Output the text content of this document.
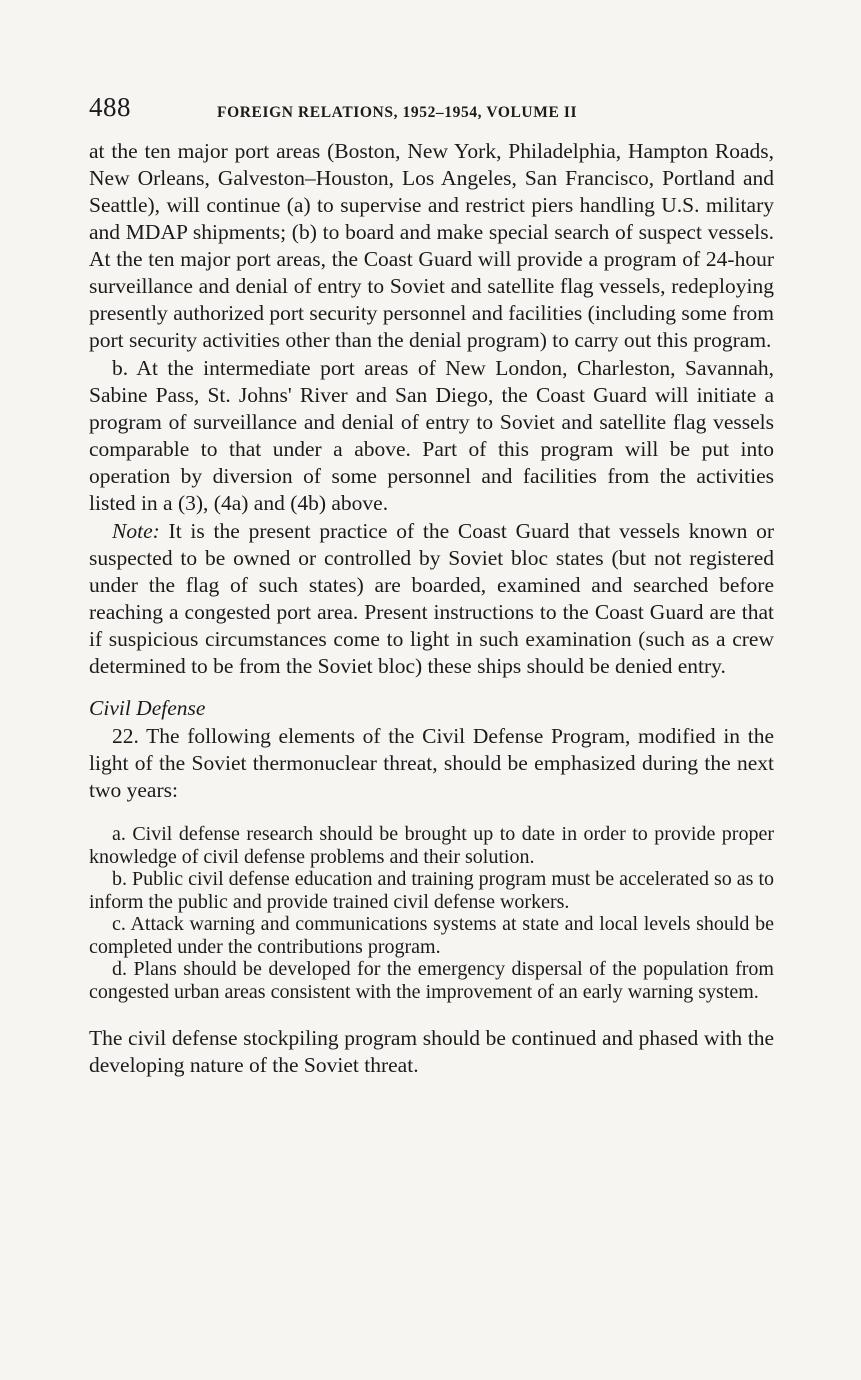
488	FOREIGN RELATIONS, 1952–1954, VOLUME II

at the ten major port areas (Boston, New York, Philadelphia, Hampton Roads, New Orleans, Galveston–Houston, Los Angeles, San Francisco, Portland and Seattle), will continue (a) to supervise and restrict piers handling U.S. military and MDAP shipments; (b) to board and make special search of suspect vessels. At the ten major port areas, the Coast Guard will provide a program of 24-hour surveillance and denial of entry to Soviet and satellite flag vessels, redeploying presently authorized port security personnel and facilities (including some from port security activities other than the denial program) to carry out this program.

b. At the intermediate port areas of New London, Charleston, Savannah, Sabine Pass, St. Johns' River and San Diego, the Coast Guard will initiate a program of surveillance and denial of entry to Soviet and satellite flag vessels comparable to that under a above. Part of this program will be put into operation by diversion of some personnel and facilities from the activities listed in a (3), (4a) and (4b) above.

Note: It is the present practice of the Coast Guard that vessels known or suspected to be owned or controlled by Soviet bloc states (but not registered under the flag of such states) are boarded, examined and searched before reaching a congested port area. Present instructions to the Coast Guard are that if suspicious circumstances come to light in such examination (such as a crew determined to be from the Soviet bloc) these ships should be denied entry.

Civil Defense

22. The following elements of the Civil Defense Program, modified in the light of the Soviet thermonuclear threat, should be emphasized during the next two years:

a. Civil defense research should be brought up to date in order to provide proper knowledge of civil defense problems and their solution.

b. Public civil defense education and training program must be accelerated so as to inform the public and provide trained civil defense workers.

c. Attack warning and communications systems at state and local levels should be completed under the contributions program.

d. Plans should be developed for the emergency dispersal of the population from congested urban areas consistent with the improvement of an early warning system.

The civil defense stockpiling program should be continued and phased with the developing nature of the Soviet threat.
